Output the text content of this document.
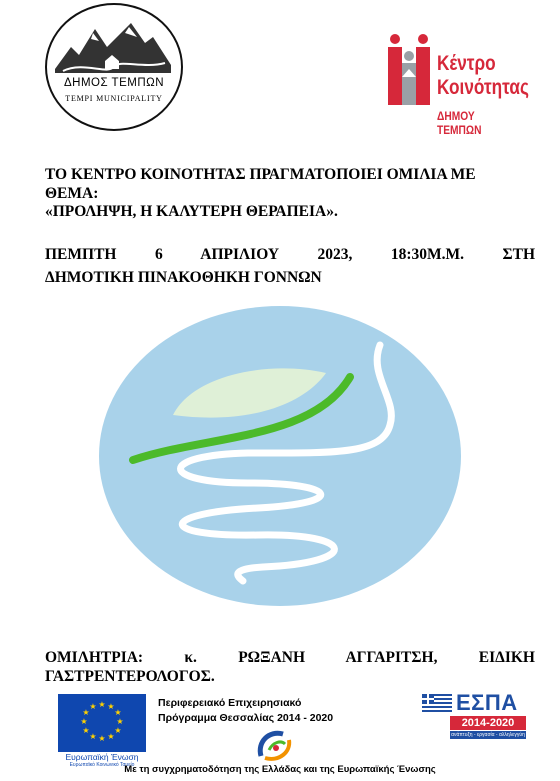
ΔΗΜΟΣ ΤΕΜΠΩΝ
TEMPI MUNICIPALITY
Κέντρο
Κοινότητας
ΔΗΜΟΥ ΤΕΜΠΩΝ
ΤΟ ΚΕΝΤΡΟ ΚΟΙΝΟΤΗΤΑΣ ΠΡΑΓΜΑΤΟΠΟΙΕΙ ΟΜΙΛΙΑ ΜΕ ΘΕΜΑ:
«ΠΡΟΛΗΨΗ, Η ΚΑΛΥΤΕΡΗ ΘΕΡΑΠΕΙΑ».
ΠΕΜΠΤΗ 6 ΑΠΡΙΛΙΟΥ 2023, 18:30Μ.Μ. ΣΤΗ
ΔΗΜΟΤΙΚΗ ΠΙΝΑΚΟΘΗΚΗ ΓΟΝΝΩΝ
ΟΜΙΛΗΤΡΙΑ: κ. ΡΩΞΑΝΗ ΑΓΓΑΡΙΤΣΗ, ΕΙΔΙΚΗ
ΓΑΣΤΡΕΝΤΕΡΟΛΟΓΟΣ.
★ ★
★
★
★
★
★
★
★
★
★
★
Ευρωπαϊκή Ένωση
Ευρωπαϊκό Κοινωνικό Ταμείο
Περιφερειακό Επιχειρησιακό
Πρόγραμμα Θεσσαλίας 2014 - 2020
ΕΣΠΑ
2014-2020
ανάπτυξη - εργασία - αλληλεγγύη
Με τη συγχρηματοδότηση της Ελλάδας και της Ευρωπαϊκής Ένωσης
